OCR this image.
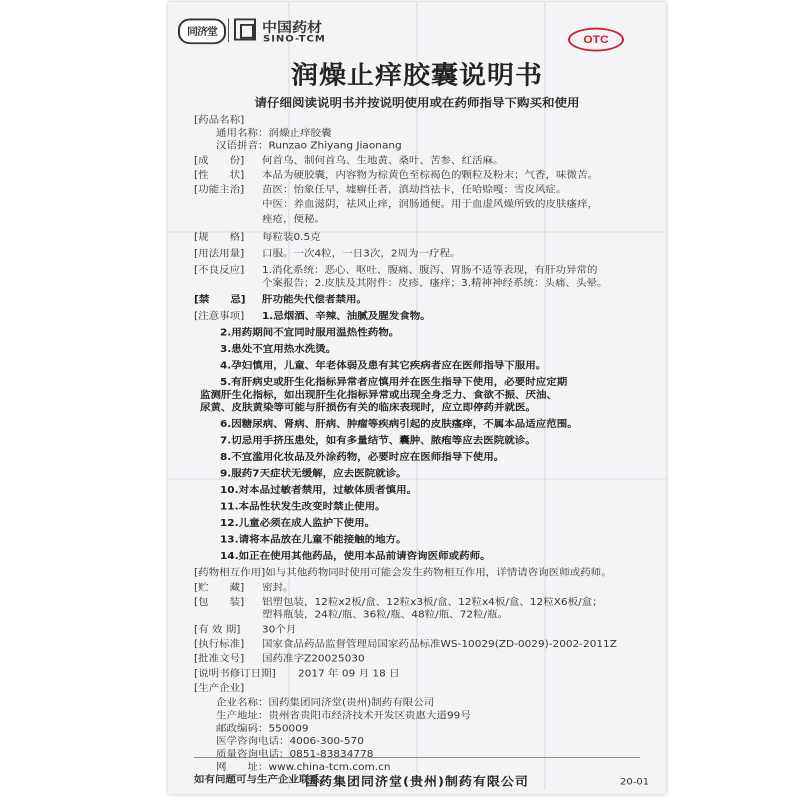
同济堂	中国药材
SINO-TCM	OTC
润燥止痒胶囊说明书
请仔细阅读说明书并按说明使用或在药师指导下购买和使用
[药品名称]
通用名称：润燥止痒胶囊
汉语拼音：Runzao Zhiyang Jiaonang
[成　　份] 何首乌、制何首乌、生地黄、桑叶、苦参、红活麻。
[性　　状] 本品为硬胶囊，内容物为棕黄色至棕褐色的颗粒及粉末；气香，味微苦。
[功能主治] 苗医：怡象任早，墟癣任者，滇劫挡祛卡，任哈赊嘎：雪皮风症。
中医：养血滋阴，祛风止痒，润肠通便。用于血虚风燥所致的皮肤瘙痒，
痤疮，便秘。
[规　　格] 每粒装0.5克
[用法用量] 口服。一次4粒，一日3次，2周为一疗程。
[不良反应] 1.消化系统：恶心、呕吐、腹痛、腹泻、胃肠不适等表现，有肝功异常的
个案报告；2.皮肤及其附件：皮疹、瘙痒；3.精神神经系统：头痛、头晕。
[禁　　忌] 肝功能失代偿者禁用。
[注意事项] 1.忌烟酒、辛辣、油腻及腥发食物。
2.用药期间不宜同时服用温热性药物。
3.患处不宜用热水洗烫。
4.孕妇慎用，儿童、年老体弱及患有其它疾病者应在医师指导下服用。
5.有肝病史或肝生化指标异常者应慎用并在医生指导下使用，必要时应定期
监测肝生化指标，如出现肝生化指标异常或出现全身乏力、食欲不振、厌油、
尿黄、皮肤黄染等可能与肝损伤有关的临床表现时，应立即停药并就医。
6.因糖尿病、肾病、肝病、肿瘤等疾病引起的皮肤瘙痒，不属本品适应范围。
7.切忌用手挤压患处，如有多量结节、囊肿、脓疱等应去医院就诊。
8.不宜滥用化妆品及外涂药物，必要时应在医师指导下使用。
9.服药7天症状无缓解，应去医院就诊。
10.对本品过敏者禁用，过敏体质者慎用。
11.本品性状发生改变时禁止使用。
12.儿童必须在成人监护下使用。
13.请将本品放在儿童不能接触的地方。
14.如正在使用其他药品，使用本品前请咨询医师或药师。
[药物相互作用]如与其他药物同时使用可能会发生药物相互作用，详情请咨询医师或药师。
[贮　　藏] 密封。
[包　　装] 铝塑包装，12粒x2板/盒、12粒x3板/盒、12粒x4板/盒、12粒X6板/盒；
塑料瓶装，24粒/瓶、36粒/瓶、48粒/瓶、72粒/瓶。
[有 效 期] 30个月
[执行标准] 国家食品药品监督管理局国家药品标准WS-10029(ZD-0029)-2002-2011Z
[批准文号] 国药准字Z20025030
[说明书修订日期] 2017 年 09 月 18 日
[生产企业]
国药集团同济堂(贵州)制药有限公司	20-01
企业名称：国药集团同济堂(贵州)制药有限公司
生产地址：贵州省贵阳市经济技术开发区贵惠大道99号
邮政编码：550009
医学咨询电话：4006-300-570
质量咨询电话：0851-83834778
网　　址：www.china-tcm.com.cn
如有问题可与生产企业联系
